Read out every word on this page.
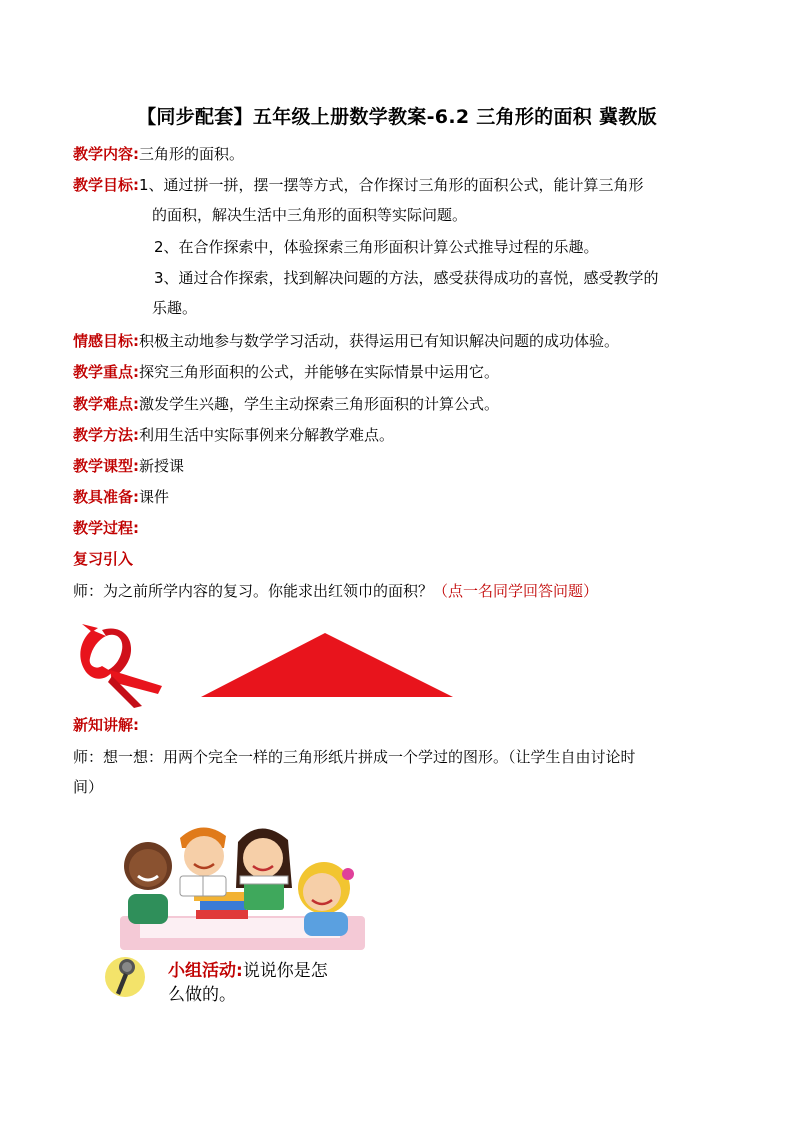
【同步配套】五年级上册数学教案-6.2 三角形的面积 冀教版
教学内容:三角形的面积。
教学目标:1、通过拼一拼，摆一摆等方式，合作探讨三角形的面积公式，能计算三角形
的面积，解决生活中三角形的面积等实际问题。
2、在合作探索中，体验探索三角形面积计算公式推导过程的乐趣。
3、通过合作探索，找到解决问题的方法，感受获得成功的喜悦，感受教学的
乐趣。
情感目标:积极主动地参与数学学习活动，获得运用已有知识解决问题的成功体验。
教学重点:探究三角形面积的公式，并能够在实际情景中运用它。
教学难点:激发学生兴趣，学生主动探索三角形面积的计算公式。
教学方法:利用生活中实际事例来分解教学难点。
教学课型:新授课
教具准备:课件
教学过程:
复习引入
师：为之前所学内容的复习。你能求出红领巾的面积？（点一名同学回答问题）
新知讲解:
师：想一想：用两个完全一样的三角形纸片拼成一个学过的图形。（让学生自由讨论时
间）
小组活动:说说你是怎
么做的。
